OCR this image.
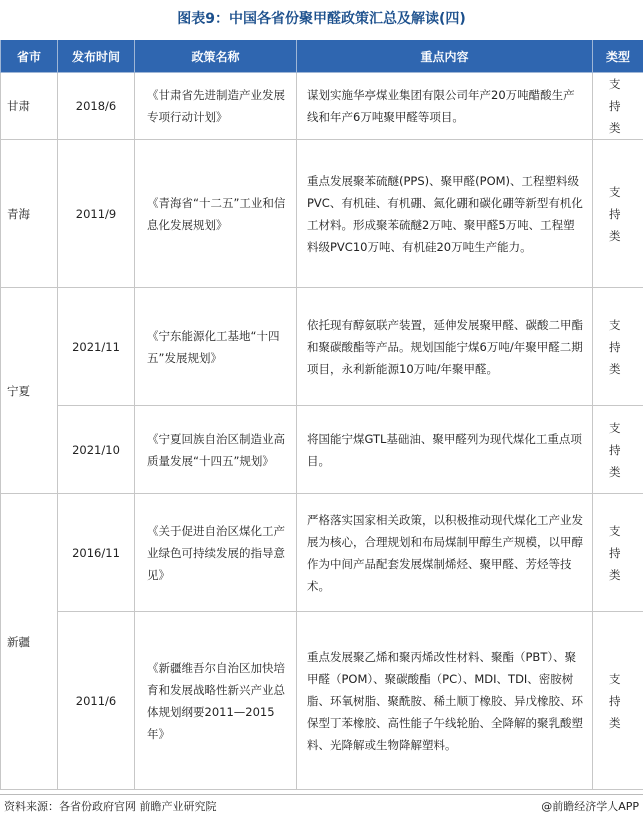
图表9：中国各省份聚甲醛政策汇总及解读(四)
省市	发布时间	政策名称	重点内容	类型
甘肃	2018/6	《甘肃省先进制造产业发展专项行动计划》	谋划实施华亭煤业集团有限公司年产20万吨醋酸生产线和年产6万吨聚甲醛等项目。	支持类
青海	2011/9	《青海省“十二五”工业和信息化发展规划》	重点发展聚苯硫醚(PPS)、聚甲醛(POM)、工程塑料级PVC、有机硅、有机硼、氮化硼和碳化硼等新型有机化工材料。形成聚苯硫醚2万吨、聚甲醛5万吨、工程塑料级PVC10万吨、有机硅20万吨生产能力。	支持类
宁夏	2021/11	《宁东能源化工基地“十四五”发展规划》	依托现有醇氨联产装置，延伸发展聚甲醛、碳酸二甲酯和聚碳酸酯等产品。规划国能宁煤6万吨/年聚甲醛二期项目，永利新能源10万吨/年聚甲醛。	支持类
	2021/10	《宁夏回族自治区制造业高质量发展“十四五”规划》	将国能宁煤GTL基础油、聚甲醛列为现代煤化工重点项目。	支持类
新疆	2016/11	《关于促进自治区煤化工产业绿色可持续发展的指导意见》	严格落实国家相关政策，以积极推动现代煤化工产业发展为核心，合理规划和布局煤制甲醇生产规模，以甲醇作为中间产品配套发展煤制烯烃、聚甲醛、芳烃等技术。	支持类
	2011/6	《新疆维吾尔自治区加快培育和发展战略性新兴产业总体规划纲要2011—2015年》	重点发展聚乙烯和聚丙烯改性材料、聚酯（PBT）、聚甲醛（POM）、聚碳酸酯（PC）、MDI、TDI、密胺树脂、环氧树脂、聚酰胺、稀土顺丁橡胶、异戊橡胶、环保型丁苯橡胶、高性能子午线轮胎、全降解的聚乳酸塑料、光降解或生物降解塑料。	支持类
资料来源：各省份政府官网 前瞻产业研究院	@前瞻经济学人APP
